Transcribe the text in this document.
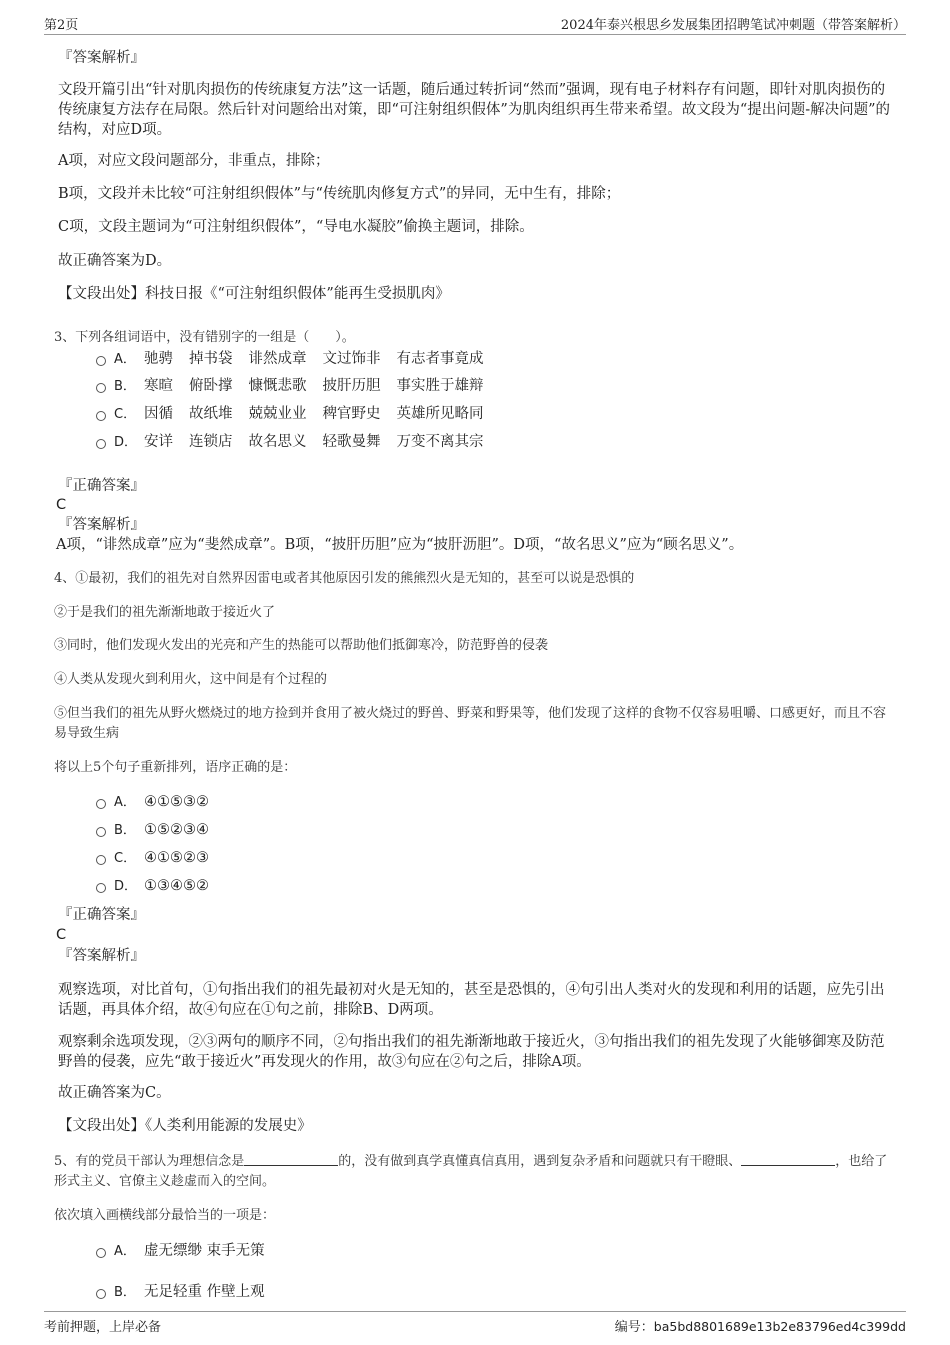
第2页	2024年泰兴根思乡发展集团招聘笔试冲刺题（带答案解析）
『答案解析』
文段开篇引出“针对肌肉损伤的传统康复方法”这一话题，随后通过转折词“然而”强调，现有电子材料存有问题，即针对肌肉损伤的传统康复方法存在局限。然后针对问题给出对策，即“可注射组织假体”为肌肉组织再生带来希望。故文段为“提出问题-解决问题”的结构，对应D项。
A项，对应文段问题部分，非重点，排除；
B项，文段并未比较“可注射组织假体”与“传统肌肉修复方式”的异同，无中生有，排除；
C项，文段主题词为“可注射组织假体”，“导电水凝胶”偷换主题词，排除。
故正确答案为D。
【文段出处】科技日报《“可注射组织假体”能再生受损肌肉》
3、下列各组词语中，没有错别字的一组是（　　）。
A． 驰骋 掉书袋 诽然成章 文过饰非 有志者事竟成
B． 寒暄 俯卧撑 慷慨悲歌 披肝历胆 事实胜于雄辩
C． 因循 故纸堆 兢兢业业 稗官野史 英雄所见略同
D． 安详 连锁店 故名思义 轻歌曼舞 万变不离其宗
『正确答案』
C
『答案解析』
A项，“诽然成章”应为“斐然成章”。B项，“披肝历胆”应为“披肝沥胆”。D项，“故名思义”应为“顾名思义”。
4、①最初，我们的祖先对自然界因雷电或者其他原因引发的熊熊烈火是无知的，甚至可以说是恐惧的
②于是我们的祖先渐渐地敢于接近火了
③同时，他们发现火发出的光亮和产生的热能可以帮助他们抵御寒冷，防范野兽的侵袭
④人类从发现火到利用火，这中间是有个过程的
⑤但当我们的祖先从野火燃烧过的地方捡到并食用了被火烧过的野兽、野菜和野果等，他们发现了这样的食物不仅容易咀嚼、口感更好，而且不容易导致生病
将以上5个句子重新排列，语序正确的是：
A． ④①⑤③②
B． ①⑤②③④
C． ④①⑤②③
D． ①③④⑤②
『正确答案』
C
『答案解析』
观察选项，对比首句，①句指出我们的祖先最初对火是无知的，甚至是恐惧的，④句引出人类对火的发现和利用的话题，应先引出话题，再具体介绍，故④句应在①句之前，排除B、D两项。
观察剩余选项发现，②③两句的顺序不同，②句指出我们的祖先渐渐地敢于接近火，③句指出我们的祖先发现了火能够御寒及防范野兽的侵袭，应先“敢于接近火”再发现火的作用，故③句应在②句之后，排除A项。
故正确答案为C。
【文段出处】《人类利用能源的发展史》
5、有的党员干部认为理想信念是	的，没有做到真学真懂真信真用，遇到复杂矛盾和问题就只有干瞪眼、	，也给了形式主义、官僚主义趁虚而入的空间。
依次填入画横线部分最恰当的一项是：
A． 虚无缥缈 束手无策
B． 无足轻重 作壁上观
考前押题，上岸必备	编号：ba5bd8801689e13b2e83796ed4c399dd
